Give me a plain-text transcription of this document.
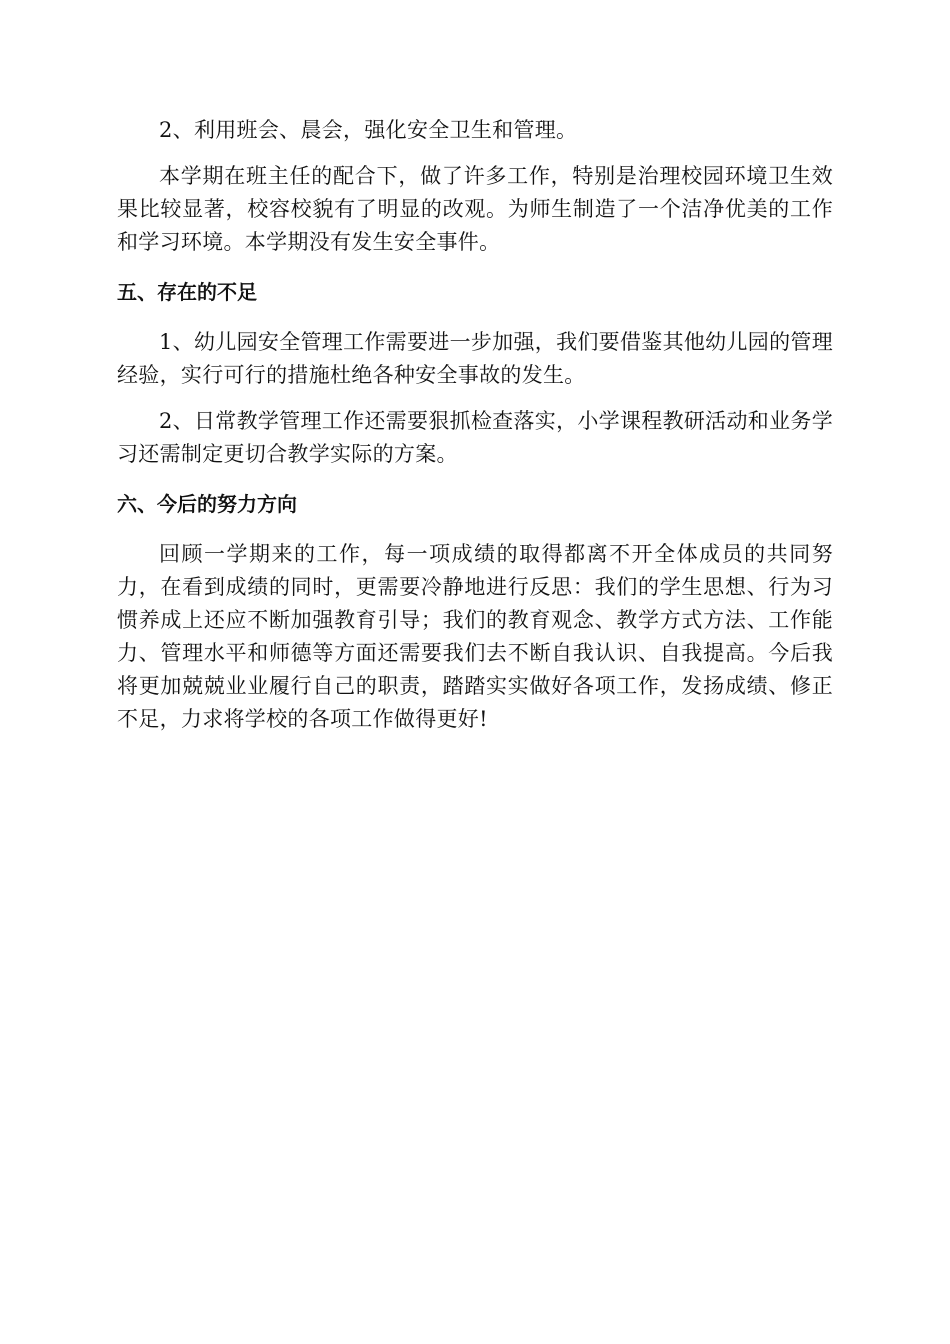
2、利用班会、晨会，强化安全卫生和管理。

本学期在班主任的配合下，做了许多工作，特别是治理校园环境卫生效果比较显著，校容校貌有了明显的改观。为师生制造了一个洁净优美的工作和学习环境。本学期没有发生安全事件。

五、存在的不足

1、幼儿园安全管理工作需要进一步加强，我们要借鉴其他幼儿园的管理经验，实行可行的措施杜绝各种安全事故的发生。

2、日常教学管理工作还需要狠抓检查落实，小学课程教研活动和业务学习还需制定更切合教学实际的方案。

六、今后的努力方向

回顾一学期来的工作，每一项成绩的取得都离不开全体成员的共同努力，在看到成绩的同时，更需要冷静地进行反思：我们的学生思想、行为习惯养成上还应不断加强教育引导；我们的教育观念、教学方式方法、工作能力、管理水平和师德等方面还需要我们去不断自我认识、自我提高。今后我将更加兢兢业业履行自己的职责，踏踏实实做好各项工作，发扬成绩、修正不足，力求将学校的各项工作做得更好!
